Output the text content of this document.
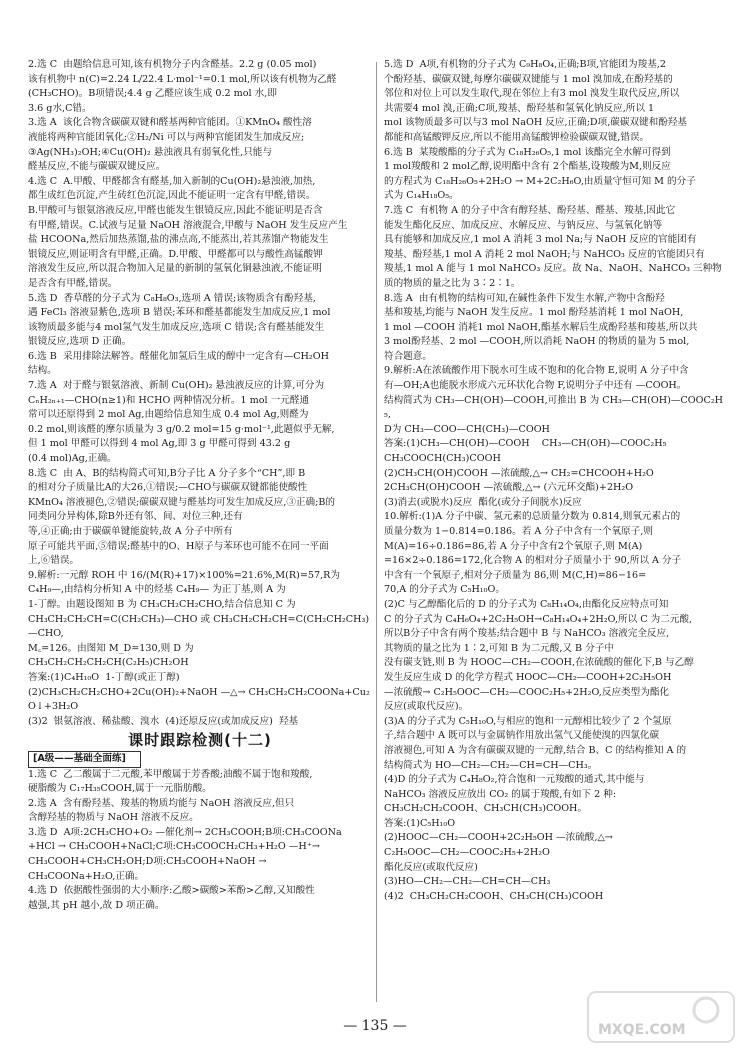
2.选 C  由题给信息可知,该有机物分子内含醛基。2.2 g (0.05 mol)
该有机物中 n(C)=2.24 L/22.4 L·mol⁻¹=0.1 mol,所以该有机物为乙醛
(CH₃CHO)。B项错误;4.4 g 乙醛应该生成 0.2 mol 水,即
3.6 g水,C错。
3.选 A  该化合物含碳碳双键和醛基两种官能团。①KMnO₄ 酸性溶
液能将两种官能团氧化;②H₂/Ni 可以与两种官能团发生加成反应;
③Ag(NH₃)₂OH;④Cu(OH)₂ 悬浊液具有弱氧化性,只能与
醛基反应,不能与碳碳双键反应。
4.选 C  A.甲酸、甲醛都含有醛基,加入新制的Cu(OH)₂悬浊液,加热,
都生成红色沉淀,产生砖红色沉淀,因此不能证明一定含有甲醛,错误。
B.甲酸可与银氨溶液反应,甲醛也能发生银镜反应,因此不能证明是否含
有甲醛,错误。C.试液与足量 NaOH 溶液混合,甲酸与 NaOH 发生反应产生
盐 HCOONa,然后加热蒸馏,盐的沸点高,不能蒸出,若其蒸馏产物能发生
银镜反应,则证明含有甲醛,正确。D.甲酸、甲醛都可以与酸性高锰酸钾
溶液发生反应,所以混合物加入足量的新制的氢氧化铜悬浊液,不能证明
是否含有甲醛,错误。
5.选 D  香草醛的分子式为 C₈H₈O₃,选项 A 错误;该物质含有酚羟基,
遇 FeCl₃ 溶液显紫色,选项 B 错误;苯环和醛基都能发生加成反应,1 mol
该物质最多能与4 mol氢气发生加成反应,选项 C 错误;含有醛基能发生
银镜反应,选项 D 正确。
6.选 B  采用排除法解答。醛催化加氢后生成的醇中一定含有—CH₂OH
结构。
7.选 A  对于醛与银氨溶液、新制 Cu(OH)₂ 悬浊液反应的计算,可分为
CₙH₂ₙ₊₁—CHO(n≥1)和 HCHO 两种情况分析。1 mol 一元醛通
常可以还原得到 2 mol Ag,由题给信息知生成 0.4 mol Ag,则醛为
0.2 mol,则该醛的摩尔质量为 3 g/0.2 mol=15 g·mol⁻¹,此题似乎无解,
但 1 mol 甲醛可以得到 4 mol Ag,即 3 g 甲醛可得到 43.2 g
(0.4 mol)Ag,正确。
8.选 C  由 A、B的结构简式可知,B分子比 A 分子多个“CH”,即 B
的相对分子质量比A的大26,①错误;—CHO与碳碳双键都能使酸性
KMnO₄ 溶液褪色,②错误;碳碳双键与醛基均可发生加成反应,③正确;B的
同类同分异构体,除B外还有邻、间、对位三种,还有
等,④正确;由于碳碳单键能旋转,故 A 分子中所有
原子可能共平面,⑤错误;醛基中的O、H原子与苯环也可能不在同一平面
上,⑥错误。
9.解析:一元醇 ROH 中 16/(M(R)+17)×100%=21.6%,M(R)=57,R为
C₄H₉—,由结构分析知 A 中的烃基 C₄H₉— 为正丁基,则 A 为
1-丁醇。由题设图知 B 为 CH₃CH₂CH₂CHO,结合信息知 C 为
CH₃CH₂CH₂CH=C(CH₂CH₃)—CHO 或 CH₃CH₂CH₂CH=C(CH₂CH₂CH₃)—CHO,
M꜀=126。由图知 M_D=130,则 D 为
CH₃CH₂CH₂CH₂CH(C₂H₅)CH₂OH
答案:(1)C₄H₁₀O  1-丁醇(或正丁醇)
(2)CH₃CH₂CH₂CHO+2Cu(OH)₂+NaOH —△→ CH₃CH₂CH₂COONa+Cu₂O↓+3H₂O
(3)2  银氨溶液、稀盐酸、溴水  (4)还原反应(或加成反应)  羟基
课时跟踪检测(十二)
[A级——基础全面练]
1.选 C  乙二酸属于二元酸,苯甲酸属于芳香酸;油酸不属于饱和羧酸,
硬脂酸为 C₁₇H₃₅COOH,属于一元脂肪酸。
2.选 A  含有酚羟基、羧基的物质均能与 NaOH 溶液反应,但只
含醇羟基的物质与 NaOH 溶液不反应。
3.选 D  A项:2CH₃CHO+O₂ —催化剂→ 2CH₃COOH;B项:CH₃COONa
+HCl → CH₃COOH+NaCl;C项:CH₃COOCH₂CH₃+H₂O —H⁺→
CH₃COOH+CH₃CH₂OH;D项:CH₃COOH+NaOH →
CH₃COONa+H₂O,正确。
4.选 D  依据酸性强弱的大小顺序:乙酸>碳酸>苯酚>乙醇,又知酸性
越强,其 pH 越小,故 D 项正确。
5.选 D  A项,有机物的分子式为 C₉H₈O₄,正确;B项,官能团为羧基,2
个酚羟基、碳碳双键,每摩尔碳碳双键能与 1 mol 溴加成,在酚羟基的
邻位和对位上可以发生取代,现在邻位上有3 mol 溴发生取代反应,所以
共需要4 mol 溴,正确;C项,羧基、酚羟基和氢氧化钠反应,所以 1
mol 该物质最多可以与3 mol NaOH 反应,正确;D项,碳碳双键和酚羟基
都能和高锰酸钾反应,所以不能用高锰酸钾检验碳碳双键,错误。
6.选 B  某羧酸酯的分子式为 C₁₈H₂₆O₅,1 mol 该酯完全水解可得到
1 mol羧酸和 2 mol乙醇,说明酯中含有 2个酯基,设羧酸为M,则反应
的方程式为 C₁₈H₂₆O₅+2H₂O → M+2C₂H₆O,由质量守恒可知 M 的分子
式为 C₁₄H₁₈O₅。
7.选 C  有机物 A 的分子中含有醇羟基、酚羟基、醛基、羧基,因此它
能发生酯化反应、加成反应、水解反应、与钠反应、与氢氧化钠等
具有能够和加成反应,1 mol A 消耗 3 mol Na;与 NaOH 反应的官能团有
羧基、酚羟基,1 mol A 消耗 2 mol NaOH;与 NaHCO₃ 反应的官能团只有
羧基,1 mol A 能与 1 mol NaHCO₃ 反应。故 Na、NaOH、NaHCO₃ 三种物
质的物质的量之比为 3∶2∶1。
8.选 A  由有机物的结构可知,在碱性条件下发生水解,产物中含酚羟
基和羧基,均能与 NaOH 发生反应。1 mol 酚羟基消耗 1 mol NaOH,
1 mol —COOH 消耗1 mol NaOH,酯基水解后生成酚羟基和羧基,所以共
3 mol酚羟基、2 mol —COOH,所以消耗 NaOH 的物质的量为 5 mol,
符合题意。
9.解析:A在浓硫酸作用下脱水可生成不饱和的化合物 E,说明 A 分子中含
有—OH;A也能脱水形成六元环状化合物 F,说明分子中还有 —COOH。
结构简式为 CH₃—CH(OH)—COOH,可推出 B 为 CH₃—CH(OH)—COOC₂H₅,
D为 CH₃—COO—CH(CH₃)—COOH
答案:(1)CH₃—CH(OH)—COOH    CH₃—CH(OH)—COOC₂H₅
CH₃COOCH(CH₃)COOH
(2)CH₃CH(OH)COOH —浓硫酸,△→ CH₂=CHCOOH+H₂O
2CH₃CH(OH)COOH —浓硫酸,△→ (六元环交酯)+2H₂O
(3)消去(或脱水)反应  酯化(或分子间脱水)反应
10.解析:(1)A 分子中碳、氢元素的总质量分数为 0.814,则氧元素占的
质量分数为 1−0.814=0.186。若 A 分子中含有一个氧原子,则
M(A)=16÷0.186=86,若 A 分子中含有2个氧原子,则 M(A)
=16×2÷0.186=172,化合物 A 的相对分子质量小于 90,所以 A 分子
中含有一个氧原子,相对分子质量为 86,则 M(C,H)=86−16=
70,A 的分子式为 C₅H₁₀O。
(2)C 与乙醇酯化后的 D 的分子式为 C₈H₁₄O₄,由酯化反应特点可知
C 的分子式为 C₄H₆O₄+2C₂H₅OH→C₈H₁₄O₄+2H₂O,所以 C 为二元酸,
所以B分子中含有两个羧基;结合题中 B 与 NaHCO₃ 溶液完全反应,
其物质的量之比为 1∶2,可知 B 为二元酸,又 B 分子中
没有碳支链,则 B 为 HOOC—CH₂—COOH,在浓硫酸的催化下,B 与乙醇
发生反应生成 D 的化学方程式 HOOC—CH₂—COOH+2C₂H₅OH
—浓硫酸→ C₂H₅OOC—CH₂—COOC₂H₅+2H₂O,反应类型为酯化
反应(或取代反应)。
(3)A 的分子式为 C₅H₁₀O,与相应的饱和一元醇相比较少了 2 个氢原
子,结合题中 A 既可以与金属钠作用放出氢气又能使溴的四氯化碳
溶液褪色,可知 A 为含有碳碳双键的一元醇,结合 B、C 的结构推知 A 的
结构简式为 HO—CH₂—CH₂—CH=CH—CH₃。
(4)D 的分子式为 C₄H₈O₂,符合饱和一元羧酸的通式,其中能与
NaHCO₃ 溶液反应放出 CO₂ 的属于羧酸,有如下 2 种:
CH₃CH₂CH₂COOH、CH₃CH(CH₃)COOH。
答案:(1)C₅H₁₀O
(2)HOOC—CH₂—COOH+2C₂H₅OH —浓硫酸,△→
C₂H₅OOC—CH₂—COOC₂H₅+2H₂O
酯化反应(或取代反应)
(3)HO—CH₂—CH₂—CH=CH—CH₃
(4)2  CH₃CH₂CH₂COOH、CH₃CH(CH₃)COOH
— 135 —	MXQE.COM
